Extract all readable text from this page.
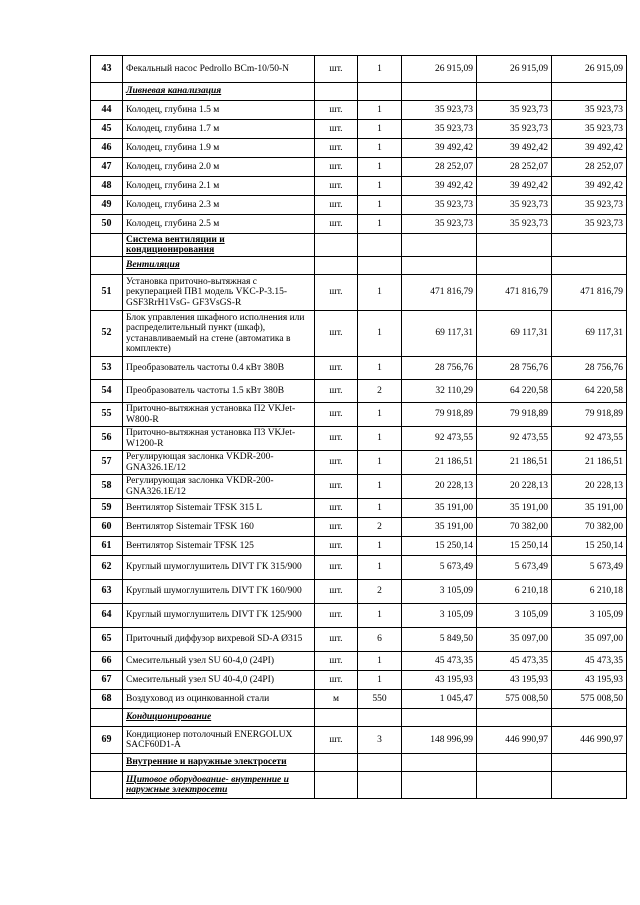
43	Фекальный насос Pedrollo BCm-10/50-N	шт.	1	26 915,09	26 915,09	26 915,09
	Ливневая канализация					
44	Колодец, глубина 1.5 м	шт.	1	35 923,73	35 923,73	35 923,73
45	Колодец, глубина 1.7 м	шт.	1	35 923,73	35 923,73	35 923,73
46	Колодец, глубина 1.9 м	шт.	1	39 492,42	39 492,42	39 492,42
47	Колодец, глубина 2.0 м	шт.	1	28 252,07	28 252,07	28 252,07
48	Колодец, глубина 2.1 м	шт.	1	39 492,42	39 492,42	39 492,42
49	Колодец, глубина 2.3 м	шт.	1	35 923,73	35 923,73	35 923,73
50	Колодец, глубина 2.5 м	шт.	1	35 923,73	35 923,73	35 923,73
	Система вентиляции и кондиционирования					
	Вентиляция					
51	Установка приточно-вытяжная с рекуперацией ПВ1 модель VKC-P-3.15-GSF3RrH1VsG- GF3VsGS-R	шт.	1	471 816,79	471 816,79	471 816,79
52	Блок управления шкафного исполнения или распределительный пункт (шкаф), устанавливаемый на стене (автоматика в комплекте)	шт.	1	69 117,31	69 117,31	69 117,31
53	Преобразователь частоты 0.4 кВт 380В	шт.	1	28 756,76	28 756,76	28 756,76
54	Преобразователь частоты 1.5 кВт 380В	шт.	2	32 110,29	64 220,58	64 220,58
55	Приточно-вытяжная установка П2 VKJet-W800-R	шт.	1	79 918,89	79 918,89	79 918,89
56	Приточно-вытяжная установка П3 VKJet-W1200-R	шт.	1	92 473,55	92 473,55	92 473,55
57	Регулирующая заслонка VKDR-200-GNA326.1E/12	шт.	1	21 186,51	21 186,51	21 186,51
58	Регулирующая заслонка VKDR-200-GNA326.1E/12	шт.	1	20 228,13	20 228,13	20 228,13
59	Вентилятор Sistemair TFSK 315 L	шт.	1	35 191,00	35 191,00	35 191,00
60	Вентилятор Sistemair TFSK 160	шт.	2	35 191,00	70 382,00	70 382,00
61	Вентилятор Sistemair TFSK 125	шт.	1	15 250,14	15 250,14	15 250,14
62	Круглый шумоглушитель DIVT ГК 315/900	шт.	1	5 673,49	5 673,49	5 673,49
63	Круглый шумоглушитель DIVT ГК 160/900	шт.	2	3 105,09	6 210,18	6 210,18
64	Круглый шумоглушитель DIVT ГК 125/900	шт.	1	3 105,09	3 105,09	3 105,09
65	Приточный диффузор вихревой SD-A Ø315	шт.	6	5 849,50	35 097,00	35 097,00
66	Смесительный узел SU 60-4,0 (24PI)	шт.	1	45 473,35	45 473,35	45 473,35
67	Смесительный узел SU 40-4,0 (24PI)	шт.	1	43 195,93	43 195,93	43 195,93
68	Воздуховод из оцинкованной стали	м	550	1 045,47	575 008,50	575 008,50
	Кондиционирование					
69	Кондиционер потолочный ENERGOLUX SACF60D1-A	шт.	3	148 996,99	446 990,97	446 990,97
	Внутренние и наружные электросети					
	Щитовое оборудование- внутренние и наружные электросети					
